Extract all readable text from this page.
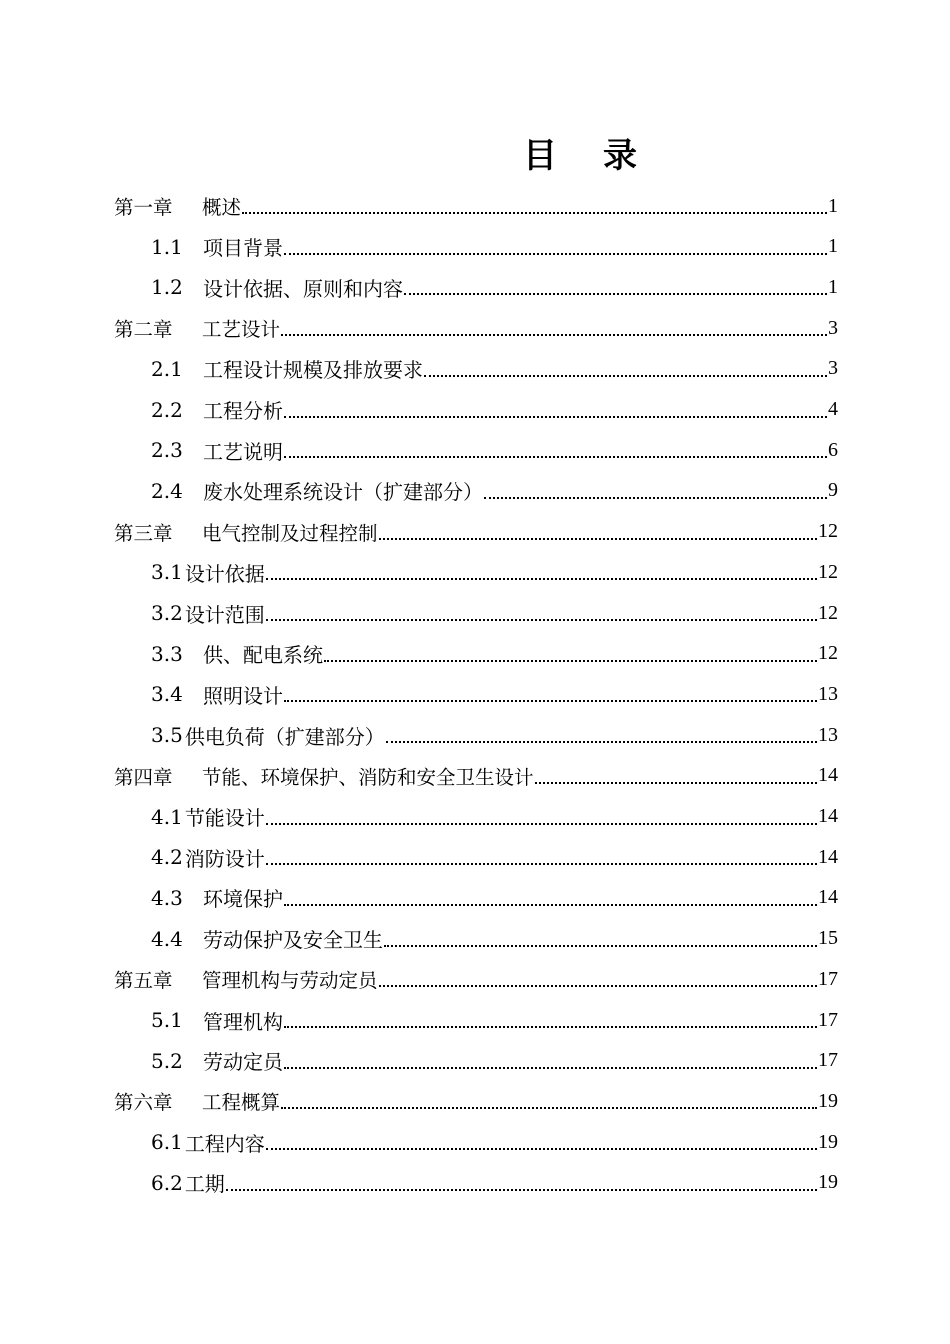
目 录
第一章	概述	1
1.1	项目背景	1
1.2	设计依据、原则和内容	1
第二章	工艺设计	3
2.1	工程设计规模及排放要求	3
2.2	工程分析	4
2.3	工艺说明	6
2.4	废水处理系统设计（扩建部分）	9
第三章	电气控制及过程控制	12
3.1 设计依据	12
3.2 设计范围	12
3.3	供、配电系统	12
3.4	照明设计	13
3.5 供电负荷（扩建部分）	13
第四章	节能、环境保护、消防和安全卫生设计	14
4.1 节能设计	14
4.2 消防设计	14
4.3	环境保护	14
4.4	劳动保护及安全卫生	15
第五章	管理机构与劳动定员	17
5.1	管理机构	17
5.2	劳动定员	17
第六章	工程概算	19
6.1 工程内容	19
6.2 工期	19
